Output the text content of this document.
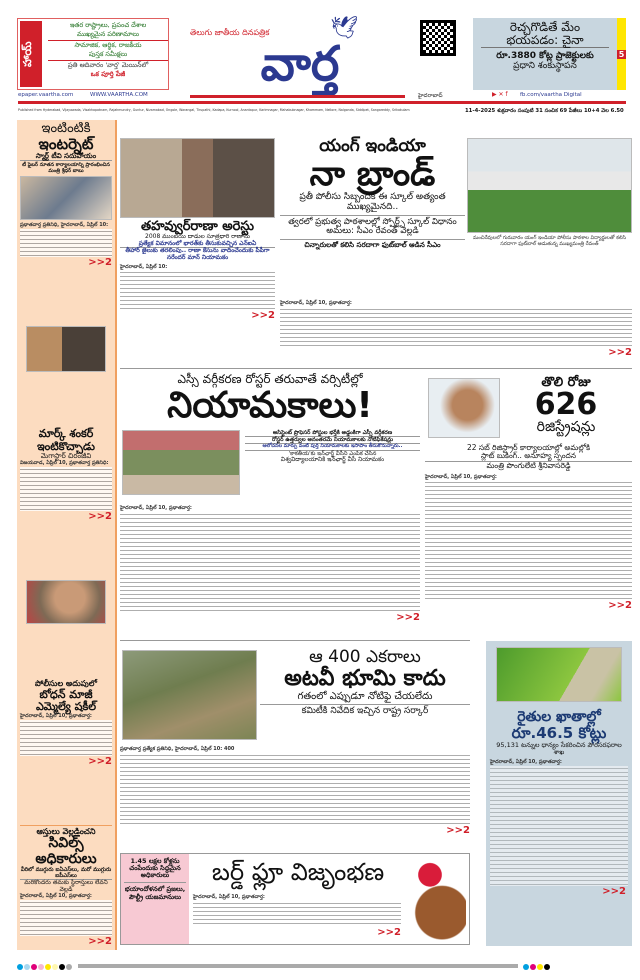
హాయ్
ఇతర రాష్ట్రాలు, ప్రపంచ దేశాల
ముఖ్యమైన పరిణామాలు
సామాజిక, ఆర్థిక, రాజకీయ
పుస్తక సమీక్షలు
ప్రతి ఆదివారం 'వార్త' మెయిన్‌లో
ఒక పూర్తి పేజీ
తెలుగు జాతీయ దినపత్రిక	🕊
వార్త
రెచ్చగొడితే మేం
భయపడం: చైనా
రూ.3880 కోట్ల ప్రాజెక్టులకు
ప్రధాని శంకుస్థాపన
5
epaper.vaartha.com	WWW.VAARTHA.COM	హైదరాబాద్	▶ ✕ f fb.com/vaartha Digital
Published from Hyderabad, Vijayawada, Visakhapatnam, Rajahmundry, Guntur, Nizamabad, Ongole, Warangal, Tirupathi, Kadapa, Kurnool, Anantapur, Karimnagar, Mahabubnagar, Khammam, Nellore, Nalgonda, Siddipet, Sangareddy, Srikakulam	11-4-2025 శుక్రవారం సంపుటి 31 సంచిక 69 పేజీలు 10+4 వెల 6.50
ఇంటింటికి
ఇంటర్నెట్
స్మార్ట్ టీవి సదుపాయం
టీ ఫైబర్ నూతన కార్యాలయాన్ని ప్రారంభించిన మంత్రి శ్రీధర్ బాబు
ప్రభాతవార్త ప్రతినిధి, హైదరాబాద్, ఏప్రిల్ 10:
>>2
మార్క్ శంకర్
ఇంటికొచ్చాడు
మెగాస్టార్ చిరంజీవి
విజయవాడ, ఏప్రిల్ 10, ప్రభాతవార్త ప్రతినిధి:
>>2
పోలీసుల అదుపులో
బోధన్ మాజీ
ఎమ్మెల్యే షకీల్
హైదరాబాద్, ఏప్రిల్ 10, ప్రభాతవార్త:
>>2
ఆస్తులు వెల్లడించని
సివిల్స్
అధికారులు
వీరిలో ముగ్గురు ఐఏఎస్‌లు, మరో ముగ్గురు ఐపీఎస్‌లు
మరికొందరు తమకు స్థిరాస్తులు లేవని వెల్లడి
హైదరాబాద్, ఏప్రిల్ 10, ప్రభాతవార్త:
>>2
తహవ్వుర్‌రాణా అరెస్టు
2008 ముంబయి దాడుల సూత్రధారి రాణాను
ప్రత్యేక విమానంలో భారత్‌కు తీసుకువచ్చిన ఎన్ఐఏ
తీహార్ జైలుకు తరలింపు.. రాణా కేసును వాదించేందుకు పీపీగా నరేందర్ మాన్ నియామకం
హైదరాబాద్, ఏప్రిల్ 10:
>>2
యంగ్ ఇండియా
నా బ్రాండ్
ప్రతీ పోలీసు సిబ్బందికి ఈ స్కూల్ అత్యంత ముఖ్యమైనది..
త్వరలో ప్రభుత్వ పాఠశాలల్లో స్పోర్ట్స్ స్కూల్ విధానం అమలు: సీఎం రేవంత్ వెల్లడి
చిన్నారులతో కలిసి సరదాగా ఫుట్‌బాల్ ఆడిన సీఎం
మంచిరేవులలో గురువారం యంగ్ ఇండియా పోలీసు పాఠశాల విద్యార్థులతో కలిసి సరదాగా ఫుట్‌బాల్ ఆడుతున్న ముఖ్యమంత్రి రేవంత్
హైదరాబాద్, ఏప్రిల్ 10, ప్రభాతవార్త:
>>2
ఎస్సీ వర్గీకరణ రోస్టర్ తరువాతే వర్సిటీల్లో
నియామకాలు!
అసిస్టెంట్ ప్రొఫెసర్ పోస్టుల భర్తీకి అడ్డంకిగా ఎస్సీ వర్గీకరణ
రోస్టర్ ఉత్తర్వుల అనంతరమే నియామకాలకు నోటిఫికేషన్లు
ఆలోచనల మార్పు వంటి పుర్తి నియామకాలకు ఇసాపాం తీసుకొనున్నారు..
'కాకతీయ'కు ఇన్‌ఛార్జ్ వీసీని ఎంపిక చేసిన
విశ్వవిద్యాలయానికి ఇన్‌ఛార్జ్ వీసీ నియామకం
హైదరాబాద్, ఏప్రిల్ 10, ప్రభాతవార్త:
>>2
తొలి రోజు
626
రిజిస్ట్రేషన్లు
22 సబ్ రిజిస్ట్రార్ కార్యాలయాల్లో అమల్లోకి
స్లాట్ బుకింగ్.. అనూహ్య స్పందన
మంత్రి పొంగులేటి శ్రీనివాసరెడ్డి
హైదరాబాద్, ఏప్రిల్ 10, ప్రభాతవార్త:
>>2
ఆ 400 ఎకరాలు
అటవీ భూమి కాదు
గతంలో ఎప్పుడూ నోటిఫై చేయలేదు
కమిటీకి నివేదిక ఇచ్చిన రాష్ట్ర సర్కార్
ప్రభాతవార్త ప్రత్యేక ప్రతినిధి, హైదరాబాద్, ఏప్రిల్ 10: 400
>>2
రైతుల ఖాతాల్లో
రూ.46.5 కోట్లు
95,131 టన్నుల ధాన్యం సేకరించిన పౌరసరఫరాల శాఖ
హైదరాబాద్, ఏప్రిల్ 10, ప్రభాతవార్త:
>>2
1.45 లక్షల కోళ్లను చంపేందుకు సిద్ధమైన అధికారులు
భయాందోళనలో ప్రజలు, పౌల్ట్రీ యజమానులు
బర్డ్ ఫ్లూ విజృంభణ
హైదరాబాద్, ఏప్రిల్ 10, ప్రభాతవార్త:
>>2
